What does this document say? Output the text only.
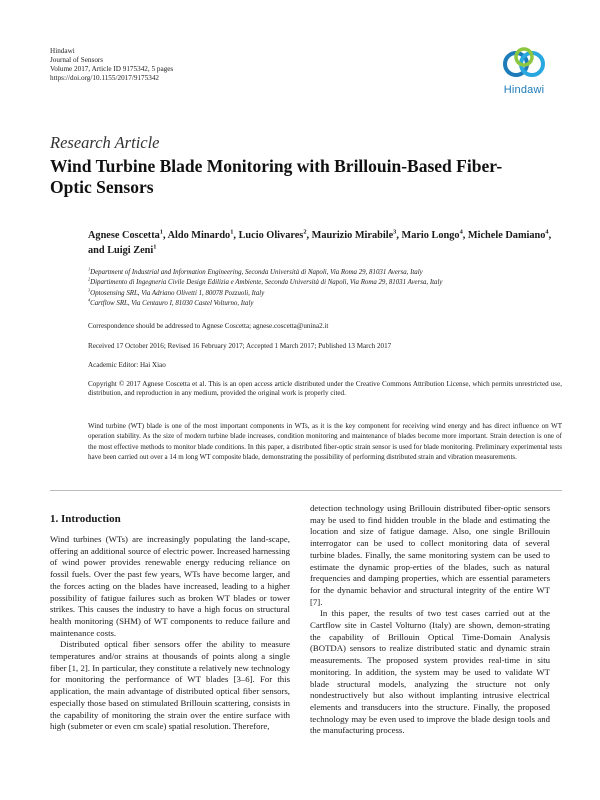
Hindawi
Journal of Sensors
Volume 2017, Article ID 9175342, 5 pages
https://doi.org/10.1155/2017/9175342
Hindawi
Research Article
Wind Turbine Blade Monitoring with Brillouin-Based Fiber-Optic Sensors
Agnese Coscetta$^1$, Aldo Minardo$^1$, Lucio Olivares$^2$, Maurizio Mirabile$^3$, Mario Longo$^4$, Michele Damiano$^4$, and Luigi Zeni$^1$
$^1$Department of Industrial and Information Engineering, Seconda Università di Napoli, Via Roma 29, 81031 Aversa, Italy
$^2$Dipartimento di Ingegneria Civile Design Edilizia e Ambiente, Seconda Università di Napoli, Via Roma 29, 81031 Aversa, Italy
$^3$Optosensing SRL, Via Adriano Olivetti 1, 80078 Pozzuoli, Italy
$^4$Cartflow SRL, Via Centauro I, 81030 Castel Volturno, Italy
Correspondence should be addressed to Agnese Coscetta; agnese.coscetta@unina2.it
Received 17 October 2016; Revised 16 February 2017; Accepted 1 March 2017; Published 13 March 2017
Academic Editor: Hai Xiao
Copyright © 2017 Agnese Coscetta et al. This is an open access article distributed under the Creative Commons Attribution License, which permits unrestricted use, distribution, and reproduction in any medium, provided the original work is properly cited.
Wind turbine (WT) blade is one of the most important components in WTs, as it is the key component for receiving wind energy and has direct influence on WT operation stability. As the size of modern turbine blade increases, condition monitoring and maintenance of blades become more important. Strain detection is one of the most effective methods to monitor blade conditions. In this paper, a distributed fiber-optic strain sensor is used for blade monitoring. Preliminary experimental tests have been carried out over a 14 m long WT composite blade, demonstrating the possibility of performing distributed strain and vibration measurements.
1. Introduction

Wind turbines (WTs) are increasingly populating the land-scape, offering an additional source of electric power. Increased harnessing of wind power provides renewable energy reducing reliance on fossil fuels. Over the past few years, WTs have become larger, and the forces acting on the blades have increased, leading to a higher possibility of fatigue failures such as broken WT blades or tower strikes. This causes the industry to have a high focus on structural health monitoring (SHM) of WT components to reduce failure and maintenance costs.

Distributed optical fiber sensors offer the ability to measure temperatures and/or strains at thousands of points along a single fiber [1, 2]. In particular, they constitute a relatively new technology for monitoring the performance of WT blades [3–6]. For this application, the main advantage of distributed optical fiber sensors, especially those based on stimulated Brillouin scattering, consists in the capability of monitoring the strain over the entire surface with high (submeter or even cm scale) spatial resolution. Therefore,

detection technology using Brillouin distributed fiber-optic sensors may be used to find hidden trouble in the blade and estimating the location and size of fatigue damage. Also, one single Brillouin interrogator can be used to collect monitoring data of several turbine blades. Finally, the same monitoring system can be used to estimate the dynamic prop-erties of the blades, such as natural frequencies and damping properties, which are essential parameters for the dynamic behavior and structural integrity of the entire WT [7].

In this paper, the results of two test cases carried out at the Cartflow site in Castel Volturno (Italy) are shown, demon-strating the capability of Brillouin Optical Time-Domain Analysis (BOTDA) sensors to realize distributed static and dynamic strain measurements. The proposed system provides real-time in situ monitoring. In addition, the system may be used to validate WT blade structural models, analyzing the structure not only nondestructively but also without implanting intrusive electrical elements and transducers into the structure. Finally, the proposed technology may be even used to improve the blade design tools and the manufacturing process.
